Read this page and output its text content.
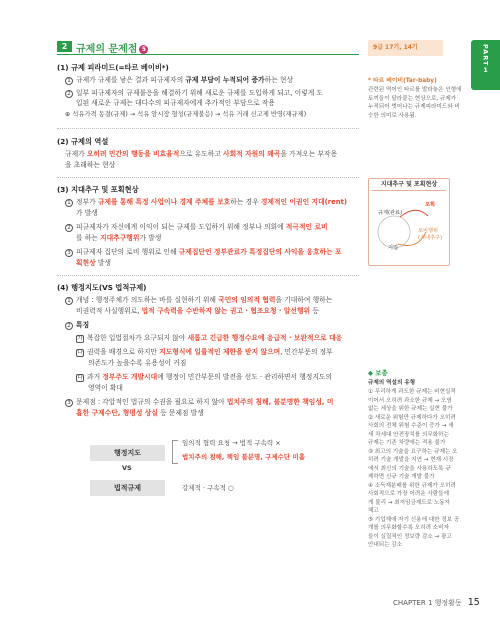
2 규제의 문제점 5
(1) 규제 피라미드(=타르 베이비*)
1 규제가 규제를 낳은 결과 피규제자의 규제 부담이 누적되어 증가하는 현상
2 일부 피규제자의 규제불응을 해결하기 위해 새로운 규제를 도입하게 되고, 이렇게 도
입된 새로운 규제는 대다수의 피규제자에게 추가적인 부담으로 작용
⊕ 석유가격 동결(규제) → 석유 암시장 형성(규제불응) → 석유 거래 신고제 반영(재규제)
(2) 규제의 역설
규제가 오히려 민간의 행동을 비효율적으로 유도하고 사회적 자원의 왜곡을 가져오는 부작용
을 초래하는 현상
(3) 지대추구 및 포획현상
1 정부가 규제를 통해 특정 사업이나 경제 주체를 보호하는 경우 경제적인 이권인 지대(rent)
가 발생
2 피규제자가 자신에게 이익이 되는 규제를 도입하기 위해 정부나 의회에 적극적인 로비
를 하는 지대추구행위가 발생
3 피규제자 집단의 로비 행위로 인해 규제집단인 정부관료가 특정집단의 사익을 옹호하는 포
획현상 발생
(4) 행정지도(VS 법적규제)
1 개념 : 행정주체가 의도하는 바를 실현하기 위해 국민의 임의적 협력을 기대하여 행하는
비권력적 사실행위로, 법적 구속력을 수반하지 않는 권고 · 협조요청 · 알선행위 등
2 특징
가 복잡한 입법절차가 요구되지 않아 새롭고 긴급한 행정수요에 응급적 · 보완적으로 대응
나 권력을 배경으로 하지만 지도형식에 일률적인 제한을 받지 않으며, 민간부문의 정부
의존도가 높을수록 유용성이 커짐
다 과거 정부주도 개발시대에 행정이 민간부문의 발전을 선도 · 관리하면서 행정지도의
영역이 확대
3 문제점 : 각압적인 법규의 수권을 필요로 하지 않아 법치주의 침해, 불분명한 책임성, 미
흡한 구제수단, 형평성 상실 등 문제점 발생
행정지도
VS
법적규제
임의적 협력 요청 → 법적 구속력 ×
법치주의 침해, 책임 불분명, 구제수단 미흡
강제적 · 구속적 ○
9급 17기, 14기
* 타르 베이비(Tar-baby)
관련된 역어인 타르를 발라놓은 인형에
토끼들이 달라붙는 현상으로, 규제가
누적되어 벗어나는 규제피라미드와 비
슷한 의미로 사용됨.
지대추구 및 포획현상
규제(관료)
포획
로비행위
(지대추구)
기업
◆ 보충
규제의 역설의 유형
① 무리하게 과도한 규제는 비현실적
이어서 오히려 과소한 규제 → 오염
없는 세상을 위한 규제는 실현 불가
② 새로운 위험만 규제하다가 오히려
사회의 전체 위험 수준이 증가 → 새
새 차세대 안전장치를 의무화하는
규제는 기존 차량에는 적용 불가
③ 최고의 기술을 요구하는 규제는 오
히려 기술 개발을 지연 → 현재 시장
에서 최신의 기술을 사용하도록 규
제하면 신규 기술 개발 불가
④ 소득재분배를 위한 규제가 오히려
사회적으로 가장 어려운 사람들에
게 불리 → 최저임금제도로 노동자
해고
⑤ 기업체에 자기 신용에 대한 정보 공
개를 의무화할수록 오히려 소비자
들이 실질적인 정보량 감소 → 광고
안내되는 감소
PART
1
CHAPTER 1 행정활동 15
